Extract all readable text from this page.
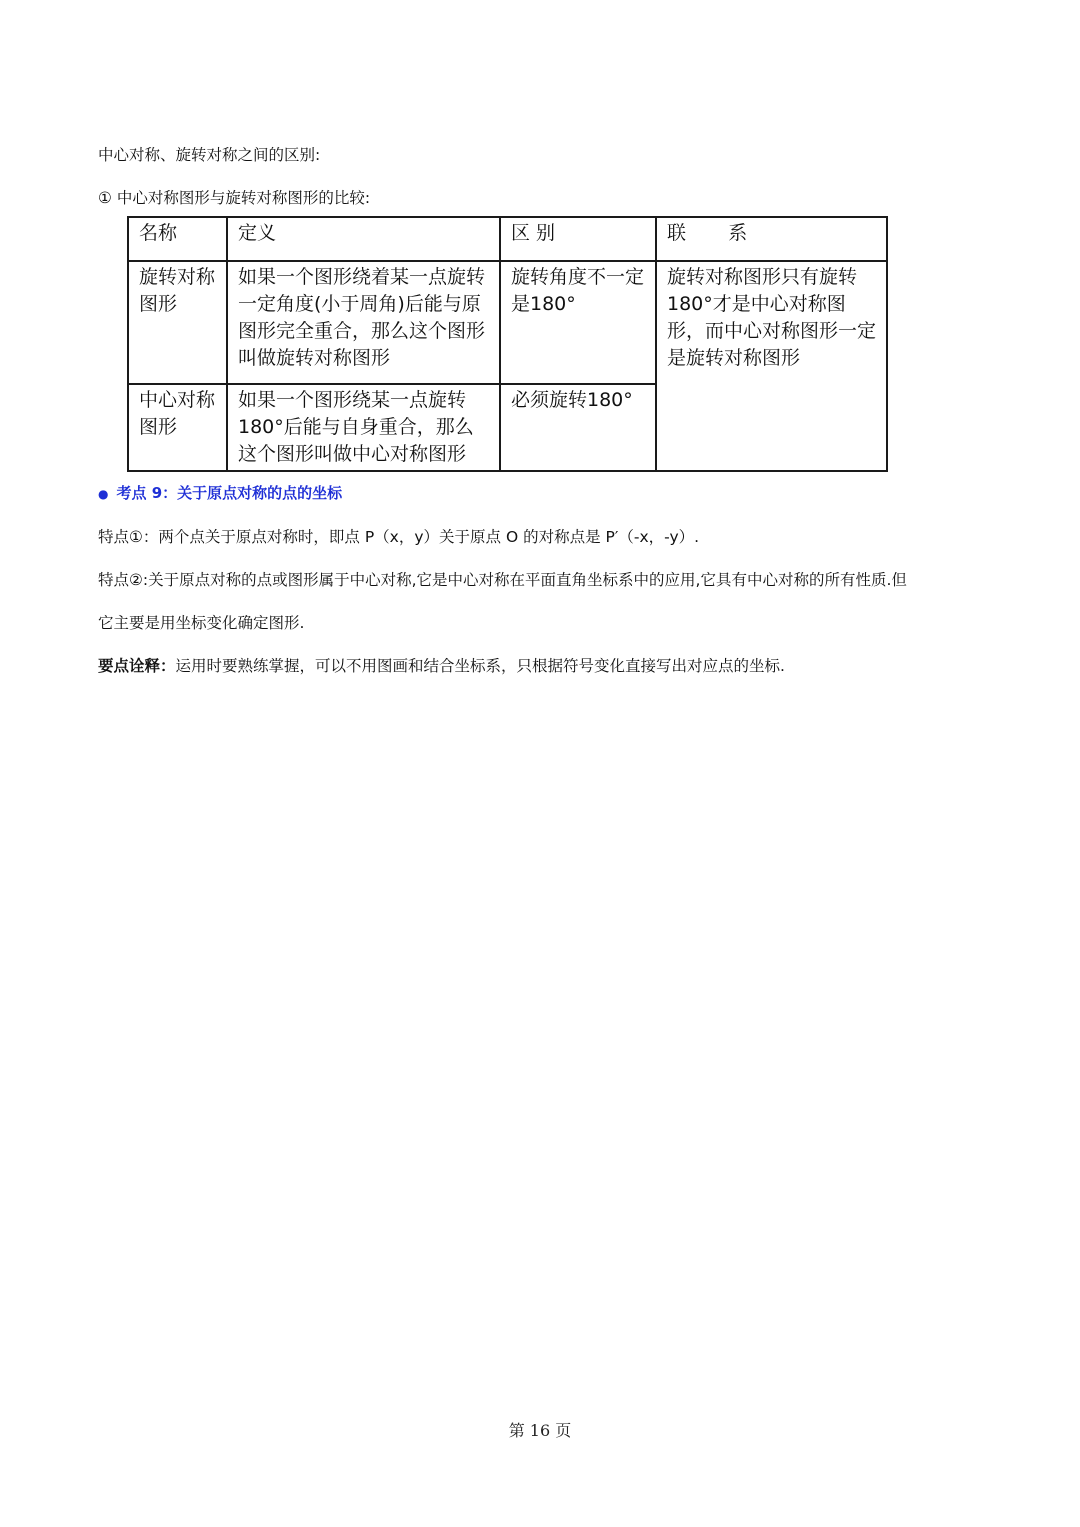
中心对称、旋转对称之间的区别:
① 中心对称图形与旋转对称图形的比较:
名称	定义	区 别	联       系
旋转对称图形	如果一个图形绕着某一点旋转一定角度(小于周角)后能与原图形完全重合，那么这个图形叫做旋转对称图形	旋转角度不一定是180°	旋转对称图形只有旋转180°才是中心对称图形，而中心对称图形一定是旋转对称图形
中心对称图形	如果一个图形绕某一点旋转180°后能与自身重合，那么这个图形叫做中心对称图形	必须旋转180°	
● 考点 9：关于原点对称的点的坐标
特点①：两个点关于原点对称时，即点 P（x，y）关于原点 O 的对称点是 P′（-x，-y）.
特点②:关于原点对称的点或图形属于中心对称,它是中心对称在平面直角坐标系中的应用,它具有中心对称的所有性质.但
它主要是用坐标变化确定图形.
要点诠释：运用时要熟练掌握，可以不用图画和结合坐标系，只根据符号变化直接写出对应点的坐标.
第 16 页
